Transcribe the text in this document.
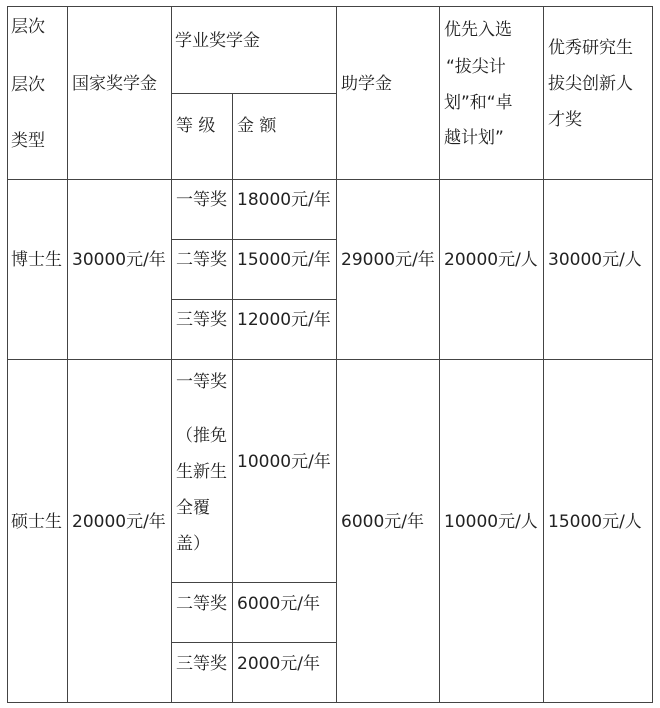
层次
层次
类型
国家奖学金
学业奖学金
等 级 金 额
助学金
优先入选
“拔尖计
划”和“卓
越计划”
优秀研究生
拔尖创新人
才奖
博士生 30000元/年
一等奖 18000元/年
二等奖 15000元/年
三等奖 12000元/年
29000元/年 20000元/人 30000元/人
硕士生 20000元/年
一等奖
（推免
生新生
全覆
盖）
10000元/年
二等奖 6000元/年
三等奖 2000元/年
6000元/年 10000元/人 15000元/人
